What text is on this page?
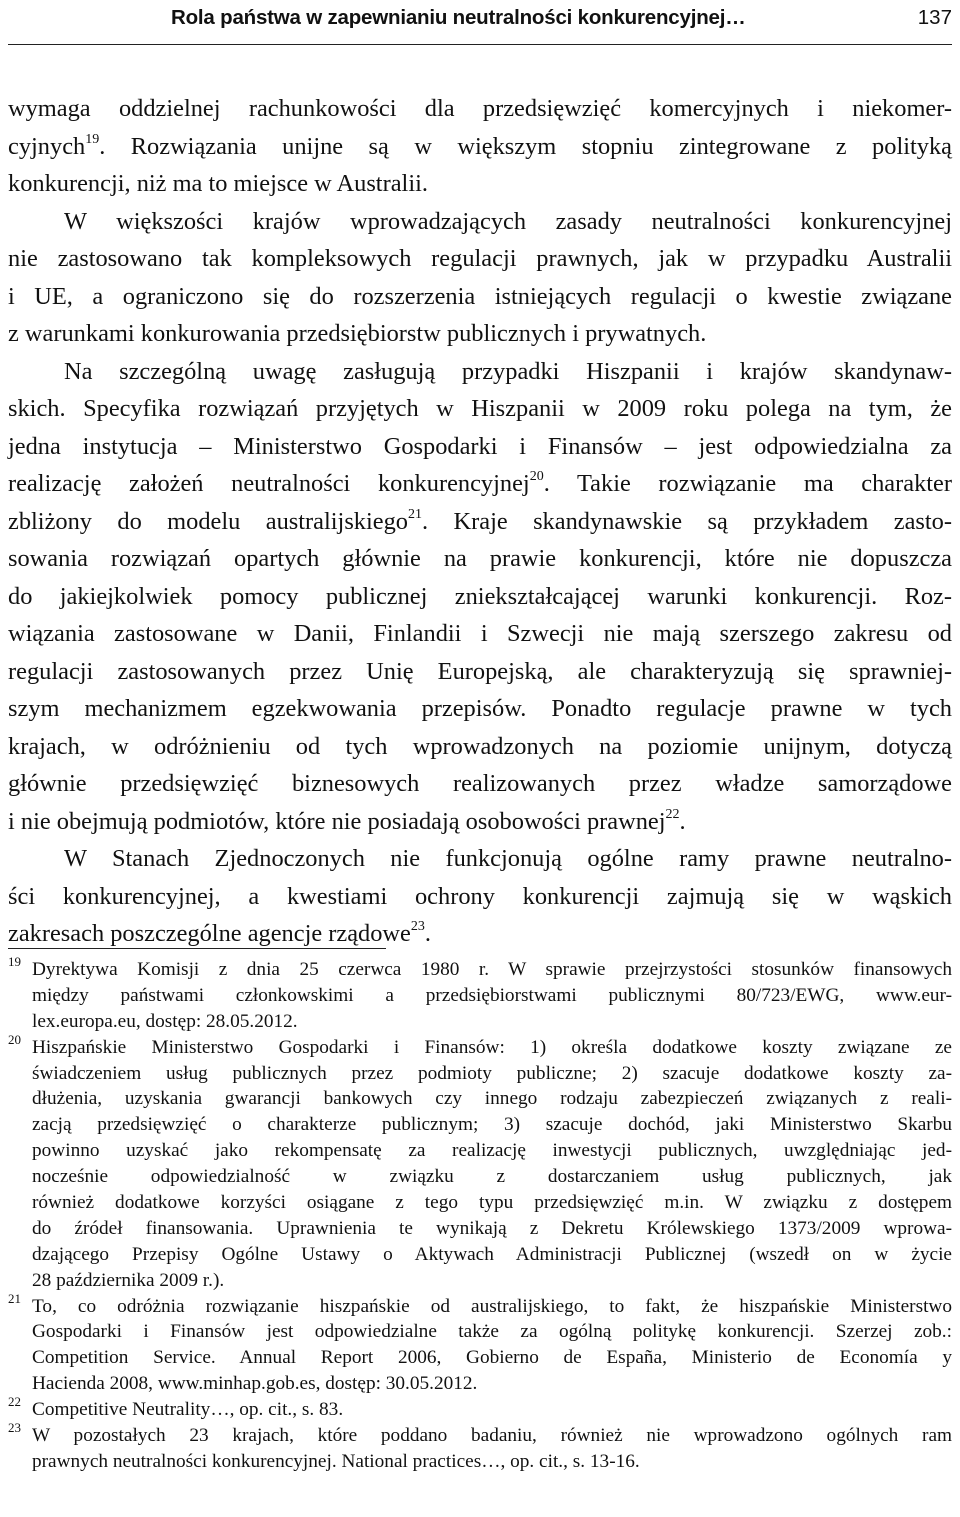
Rola państwa w zapewnianiu neutralności konkurencyjnej…	137
wymaga oddzielnej rachunkowości dla przedsięwzięć komercyjnych i niekomer-
cyjnych$^{19}$. Rozwiązania unijne są w większym stopniu zintegrowane z polityką
konkurencji, niż ma to miejsce w Australii.
W większości krajów wprowadzających zasady neutralności konkurencyjnej
nie zastosowano tak kompleksowych regulacji prawnych, jak w przypadku Australii
i UE, a ograniczono się do rozszerzenia istniejących regulacji o kwestie związane
z warunkami konkurowania przedsiębiorstw publicznych i prywatnych.
Na szczególną uwagę zasługują przypadki Hiszpanii i krajów skandynaw-
skich. Specyfika rozwiązań przyjętych w Hiszpanii w 2009 roku polega na tym, że
jedna instytucja – Ministerstwo Gospodarki i Finansów – jest odpowiedzialna za
realizację założeń neutralności konkurencyjnej$^{20}$. Takie rozwiązanie ma charakter
zbliżony do modelu australijskiego$^{21}$. Kraje skandynawskie są przykładem zasto-
sowania rozwiązań opartych głównie na prawie konkurencji, które nie dopuszcza
do jakiejkolwiek pomocy publicznej zniekształcającej warunki konkurencji. Roz-
wiązania zastosowane w Danii, Finlandii i Szwecji nie mają szerszego zakresu od
regulacji zastosowanych przez Unię Europejską, ale charakteryzują się sprawniej-
szym mechanizmem egzekwowania przepisów. Ponadto regulacje prawne w tych
krajach, w odróżnieniu od tych wprowadzonych na poziomie unijnym, dotyczą
głównie przedsięwzięć biznesowych realizowanych przez władze samorządowe
i nie obejmują podmiotów, które nie posiadają osobowości prawnej$^{22}$.
W Stanach Zjednoczonych nie funkcjonują ogólne ramy prawne neutralno-
ści konkurencyjnej, a kwestiami ochrony konkurencji zajmują się w wąskich
zakresach poszczególne agencje rządowe$^{23}$.
19 Dyrektywa Komisji z dnia 25 czerwca 1980 r. W sprawie przejrzystości stosunków finansowych
między państwami członkowskimi a przedsiębiorstwami publicznymi 80/723/EWG, www.eur-
lex.europa.eu, dostęp: 28.05.2012.
20 Hiszpańskie Ministerstwo Gospodarki i Finansów: 1) określa dodatkowe koszty związane ze
świadczeniem usług publicznych przez podmioty publiczne; 2) szacuje dodatkowe koszty za-
dłużenia, uzyskania gwarancji bankowych czy innego rodzaju zabezpieczeń związanych z reali-
zacją przedsięwzięć o charakterze publicznym; 3) szacuje dochód, jaki Ministerstwo Skarbu
powinno uzyskać jako rekompensatę za realizację inwestycji publicznych, uwzględniając jed-
nocześnie odpowiedzialność w związku z dostarczaniem usług publicznych, jak
również dodatkowe korzyści osiągane z tego typu przedsięwzięć m.in. W związku z dostępem
do źródeł finansowania. Uprawnienia te wynikają z Dekretu Królewskiego 1373/2009 wprowa-
dzającego Przepisy Ogólne Ustawy o Aktywach Administracji Publicznej (wszedł on w życie
28 października 2009 r.).
21 To, co odróżnia rozwiązanie hiszpańskie od australijskiego, to fakt, że hiszpańskie Ministerstwo
Gospodarki i Finansów jest odpowiedzialne także za ogólną politykę konkurencji. Szerzej zob.:
Competition Service. Annual Report 2006, Gobierno de España, Ministerio de Economía y
Hacienda 2008, www.minhap.gob.es, dostęp: 30.05.2012.
22 Competitive Neutrality…, op. cit., s. 83.
23 W pozostałych 23 krajach, które poddano badaniu, również nie wprowadzono ogólnych ram
prawnych neutralności konkurencyjnej. National practices…, op. cit., s. 13-16.
